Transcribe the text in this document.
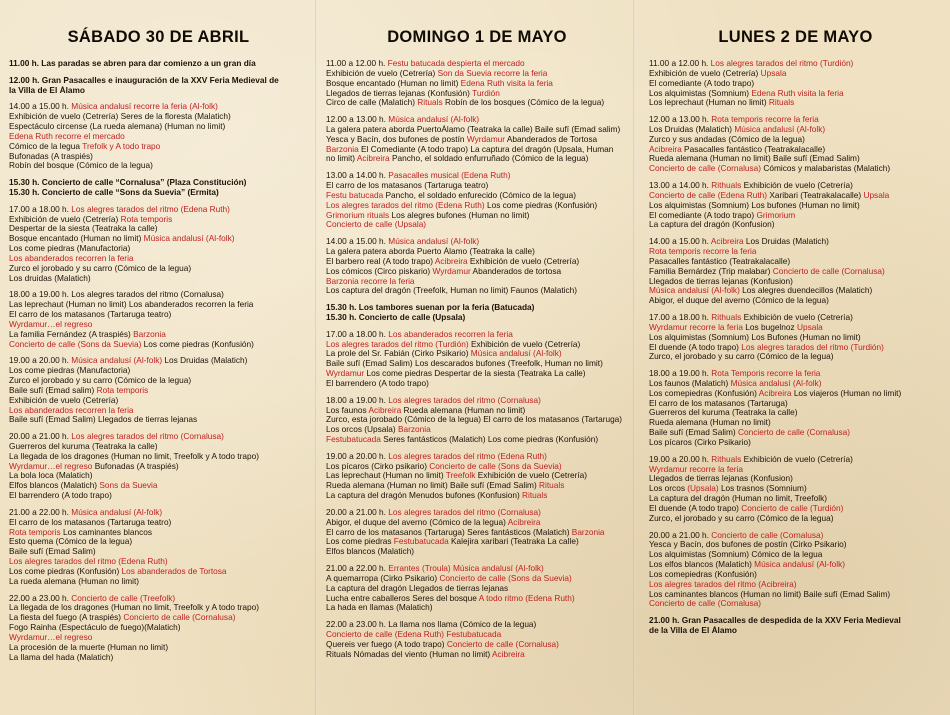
SÁBADO 30 DE ABRIL
11.00 h. Las paradas se abren para dar comienzo a un gran día
12.00 h. Gran Pasacalles e inauguración de la XXV Feria Medieval de
la Villa de El Álamo
14.00 a 15.00 h. Música andalusí recorre la feria (Al-folk)
Exhibición de vuelo (Cetrería) Seres de la floresta (Malatich)
Espectáculo circense (La rueda alemana) (Human no limit)
Edena Ruth recorre el mercado
Cómico de la legua Trefolk y A todo trapo
Bufonadas (A traspiés)
Robín del bosque (Cómico de la legua)
15.30 h. Concierto de calle “Cornalusa” (Plaza Constitución)
15.30 h. Concierto de calle “Sons da Suevia” (Ermita)
17.00 a 18.00 h. Los alegres tarados del ritmo (Edena Ruth)
Exhibición de vuelo (Cetrería) Rota temporis
Despertar de la siesta (Teatraka la calle)
Bosque encantado (Human no limit) Música andalusí (Al-folk)
Los come piedras (Manufactoria)
Los abanderados recorren la feria
Zurco el jorobado y su carro (Cómico de la legua)
Los druidas (Malatich)
18.00 a 19.00 h. Los alegres tarados del ritmo (Cornalusa)
Las leprechaut (Human no limit) Los abanderados recorren la feria
El carro de los matasanos (Tartaruga teatro)
Wyrdamur…el regreso
La familia Fernández (A traspiés) Barzonia
Concierto de calle (Sons da Suevia) Los come piedras (Konfusión)
19.00 a 20.00 h. Música andalusí (Al-folk) Los Druidas (Malatich)
Los come piedras (Manufactoria)
Zurco el jorobado y su carro (Cómico de la legua)
Baile sufí (Emad salim) Rota temporis
Exhibición de vuelo (Cetrería)
Los abanderados recorren la feria
Baile sufí (Emad Salim) Llegados de tierras lejanas
20.00 a 21.00 h. Los alegres tarados del ritmo (Cornalusa)
Guerreros del kuruma (Teatraka la calle)
La llegada de los dragones (Human no limit, Treefolk y A todo trapo)
Wyrdamur…el regreso Bufonadas (A traspiés)
La bola loca (Malatich)
Elfos blancos (Malatich) Sons da Suevia
El barrendero (A todo trapo)
21.00 a 22.00 h. Música andalusí (Al-folk)
El carro de los matasanos (Tartaruga teatro)
Rota temporis Los caminantes blancos
Esto quema (Cómico de la legua)
Baile sufí (Emad Salim)
Los alegres tarados del ritmo (Edena Ruth)
Los come piedras (Konfusión) Los abanderados de Tortosa
La rueda alemana (Human no limit)
22.00 a 23.00 h. Concierto de calle (Treefolk)
La llegada de los dragones (Human no limit, Treefolk y A todo trapo)
La fiesta del fuego (A traspiés) Concierto de calle (Cornalusa)
Fogo Rainha (Espectáculo de fuego)(Malatich)
Wyrdamur…el regreso
La procesión de la muerte (Human no limit)
La llama del hada (Malatich)
DOMINGO 1 DE MAYO
11.00 a 12.00 h. Festu batucada despierta el mercado
Exhibición de vuelo (Cetrería) Son da Suevia recorre la feria
Bosque encantado (Human no limit) Edena Ruth visita la feria
Llegados de tierras lejanas (Konfusión) Turdión
Circo de calle (Malatich) Rituals Robín de los bosques (Cómico de la legua)
12.00 a 13.00 h. Música andalusí (Al-folk)
La galera patera aborda PuertoÁlamo (Teatraka la calle) Baile sufí (Emad salim)
Yesca y Bacín, dos bufones de postín Wyrdamur Abanderados de Tortosa
Barzonia El Comediante (A todo trapo) La captura del dragón (Upsala, Human
no limit) Acibreira Pancho, el soldado enfurruñado (Cómico de la legua)
13.00 a 14.00 h. Pasacalles musical (Edena Ruth)
El carro de los matasanos (Tartaruga teatro)
Festu batucada Pancho, el soldado enfurecido (Cómico de la legua)
Los alegres tarados del ritmo (Edena Ruth) Los come piedras (Konfusión)
Grimorium rituals Los alegres bufones (Human no limit)
Concierto de calle (Upsala)
14.00 a 15.00 h. Música andalusí (Al-folk)
La galera patera aborda Puerto Álamo (Teatraka la calle)
El barbero real (A todo trapo) Acibreira Exhibición de vuelo (Cetrería)
Los cómicos (Circo piskario) Wyrdamur Abanderados de tortosa
Barzonia recorre la feria
Los captura del dragón (Treefolk, Human no limit) Faunos (Malatich)
15.30 h. Los tambores suenan por la feria (Batucada)
15.30 h. Concierto de calle (Upsala)
17.00 a 18.00 h. Los abanderados recorren la feria
Los alegres tarados del ritmo (Turdión) Exhibición de vuelo (Cetrería)
La prole del Sr. Fabián (Cirko Psikario) Música andalusí (Al-folk)
Baile sufí (Emad Salim) Los descarados bufones (Treefolk, Human no limit)
Wyrdamur Los come piedras Despertar de la siesta (Teatraka La calle)
El barrendero (A todo trapo)
18.00 a 19.00 h. Los alegres tarados del ritmo (Cornalusa)
Los faunos Acibreira Rueda alemana (Human no limit)
Zurco, esta jorobado (Cómico de la legua) El carro de los matasanos (Tartaruga)
Los orcos (Upsala) Barzonia
Festubatucada Seres fantásticos (Malatich) Los come piedras (Konfusión)
19.00 a 20.00 h. Los alegres tarados del ritmo (Edena Ruth)
Los pícaros (Cirko psikario) Concierto de calle (Sons da Suevia)
Las leprechaut (Human no limit) Treefolk Exhibición de vuelo (Cetrería)
Rueda alemana (Human no limit) Baile sufí (Emad Salim) Rituals
La captura del dragón Menudos bufones (Konfusion) Rituals
20.00 a 21.00 h. Los alegres tarados del ritmo (Cornalusa)
Abigor, el duque del averno (Cómico de la legua) Acibreira
El carro de los matasanos (Tartaruga) Seres fantásticos (Malatich) Barzonia
Los come piedras Festubatucada Kalejira xaribari (Teatraka La calle)
Elfos blancos (Malatich)
21.00 a 22.00 h. Errantes (Troula) Música andalusí (Al-folk)
A quemarropa (Cirko Psikario) Concierto de calle (Sons da Suevia)
La captura del dragón Llegados de tierras lejanas
Lucha entre caballeros Seres del bosque A todo ritmo (Edena Ruth)
La hada en llamas (Malatich)
22.00 a 23.00 h. La llama nos llama (Cómico de la legua)
Concierto de calle (Edena Ruth) Festubatucada
Quereis ver fuego (A todo trapo) Concierto de calle (Cornalusa)
Rituals Nómadas del viento (Human no limit) Acibreira
LUNES 2 DE MAYO
11.00 a 12.00 h. Los alegres tarados del ritmo (Turdión)
Exhibición de vuelo (Cetrería) Upsala
El comediante (A todo trapo)
Los alquimistas (Somnium) Edena Ruth visita la feria
Los leprechaut (Human no limit) Rituals
12.00 a 13.00 h. Rota temporis recorre la feria
Los Druidas (Malatich) Música andalusí (Al-folk)
Zurco y sus andadas (Cómico de la legua)
Acibreira Pasacalles fantástico (Teatrakalacalle)
Rueda alemana (Human no limit) Baile sufí (Emad Salim)
Concierto de calle (Cornalusa) Cómicos y malabaristas (Malatich)
13.00 a 14.00 h. Rithuals Exhibición de vuelo (Cetrería)
Concierto de calle (Edena Ruth) Xaribari (Teatrakalacalle) Upsala
Los alquimistas (Somnium) Los bufones (Human no limit)
El comediante (A todo trapo) Grimorium
La captura del dragón (Konfusion)
14.00 a 15.00 h. Acibreira Los Druidas (Malatich)
Rota temporis recorre la feria
Pasacalles fantástico (Teatrakalacalle)
Familia Bernárdez (Trip malabar) Concierto de calle (Cornalusa)
Llegados de tierras lejanas (Konfusion)
Música andalusí (Al-folk) Los alegres duendecillos (Malatich)
Abigor, el duque del averno (Cómico de la legua)
17.00 a 18.00 h. Rithuals Exhibición de vuelo (Cetrería)
Wyrdamur recorre la feria Los bugelnoz Upsala
Los alquimistas (Somnium) Los Bufones (Human no limit)
El duende (A todo trapo) Los alegres tarados del ritmo (Turdión)
Zurco, el jorobado y su carro (Cómico de la legua)
18.00 a 19.00 h. Rota Temporis recorre la feria
Los faunos (Malatich) Música andalusí (Al-folk)
Los comepiedras (Konfusión) Acibreira Los viajeros (Human no limit)
El carro de los matasanos (Tartaruga)
Guerreros del kuruma (Teatraka la calle)
Rueda alemana (Human no limit)
Baile sufí (Emad Salim) Concierto de calle (Cornalusa)
Los pícaros (Cirko Psikario)
19.00 a 20.00 h. Rithuals Exhibición de vuelo (Cetrería)
Wyrdamur recorre la feria
Llegados de tierras lejanas (Konfusion)
Los orcos (Upsala) Los trasnos (Somnium)
La captura del dragón (Human no limit, Treefolk)
El duende (A todo trapo) Concierto de calle (Turdión)
Zurco, el jorobado y su carro (Cómico de la legua)
20.00 a 21.00 h. Concierto de calle (Cornalusa)
Yesca y Bacín, dos bufones de postín (Cirko Psikario)
Los alquimistas (Somnium) Cómico de la legua
Los elfos blancos (Malatich) Música andalusí (Al-folk)
Los comepiedras (Konfusión)
Los alegres tarados del ritmo (Acibreira)
Los caminantes blancos (Human no limit) Baile sufí (Emad Salim)
Concierto de calle (Cornalusa)
21.00 h. Gran Pasacalles de despedida de la XXV Feria Medieval
de la Villa de El Álamo
